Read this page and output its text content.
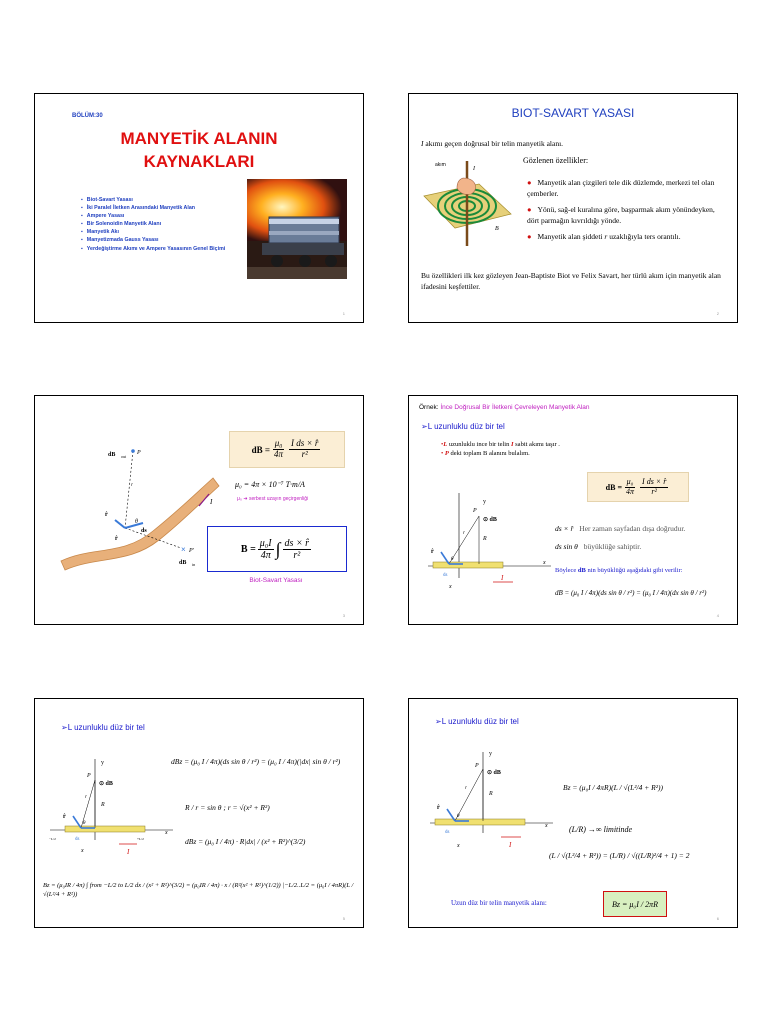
BÖLÜM:30
MANYETİK ALANIN
KAYNAKLARI
▪ Biot-Savart Yasası
▪ İki Paralel İletken Arasındaki Manyetik Alan
▪ Ampere Yasası
▪ Bir Solenoidin Manyetik Alanı
▪ Manyetik Akı
▪ Manyetizmada Gauss Yasası
▪ Yerdeğiştirme Akımı ve Ampere Yasasının Genel Biçimi
1
BIOT-SAVART YASASI
I akımı geçen doğrusal bir telin manyetik alanı.
akım
I
B
Gözlenen özellikler:
● Manyetik alan çizgileri tele dik düzlemde, merkezi tel olan çemberler.
● Yönü, sağ-el kuralına göre, başparmak akım yönündeyken, dört parmağın kıvrıldığı yönde.
● Manyetik alan şiddeti r uzaklığıyla ters orantılı.
Bu özellikleri ilk kez gözleyen Jean-Baptiste Biot ve Felix Savart, her türlü akım için manyetik alan ifadesini keşfettiler.
2
×
dB out
P
r
r̂
θ
ds
I
P′
r̂
dB in
dB = $\frac{\text{μ₀}}{4\pi} \frac{\text{I ds × r̂}}{\text{r²}}$
μ₀ = 4π × 10⁻⁷ T·m/A
μ₀ ➜ serbest uzayın geçirgenliği
$B = \frac{\text{μ₀I}}{4\pi}$ ∫ $\frac{ds \times r̂}{\text{r²}}$
Biot-Savart Yasası
3
Örnek: İnce Doğrusal Bir İletkeni Çevreleyen Manyetik Alan
➢ L uzunluklu düz bir tel
•L uzunluklu ince bir telin I sabit akımı taşır .
• P deki toplam B alanını bulalım.
y
P
⊙ dB
r
R
r̂
θ
ds
x
x
I
dB = $\frac{\text{μ₀}}{4\pi} \frac{\text{I ds × r̂}}{\text{r²}}$
ds × r̂ Her zaman sayfadan dışa doğrudur.
ds sin θ büyüklüğe sahiptir.
Böylece dB nin büyüklüğü aşağıdaki gibi verilir:
dB = (μ₀ I / 4π)(ds sin θ / r²) = (μ₀ I / 4π)(dx sin θ / r²)
4
➢ L uzunluklu düz bir tel
y
P
⊙ dB
r
R
r̂
θ
ds
−L/2	+L/2
x
x	I
dBz = (μ₀ I / 4π)(ds sin θ / r²) = (μ₀ I / 4π)(|dx| sin θ / r²)
R / r = sin θ ; r = √(x² + R²)
dBz = (μ₀ I / 4π) · R|dx| / (x² + R²)^(3/2)
Bz = (μ₀IR / 4π) ∫ from −L/2 to L/2 dx / (x² + R²)^(3/2) = (μ₀IR / 4π) · x / (R²(x² + R²)^(1/2)) |−L/2..L/2 = (μ₀I / 4πR)(L / √(L²/4 + R²))
5
➢ L uzunluklu düz bir tel
y
P
⊙ dB
r
R
r̂
θ
ds
x
x	I
Bz = (μ₀I / 4πR)(L / √(L²/4 + R²))
(L/R) →∞ limitinde
(L / √(L²/4 + R²)) = (L/R) / √((L/R)²/4 + 1) = 2
Uzun düz bir telin manyetik alanı:	Bz = μ₀I / 2πR
6
